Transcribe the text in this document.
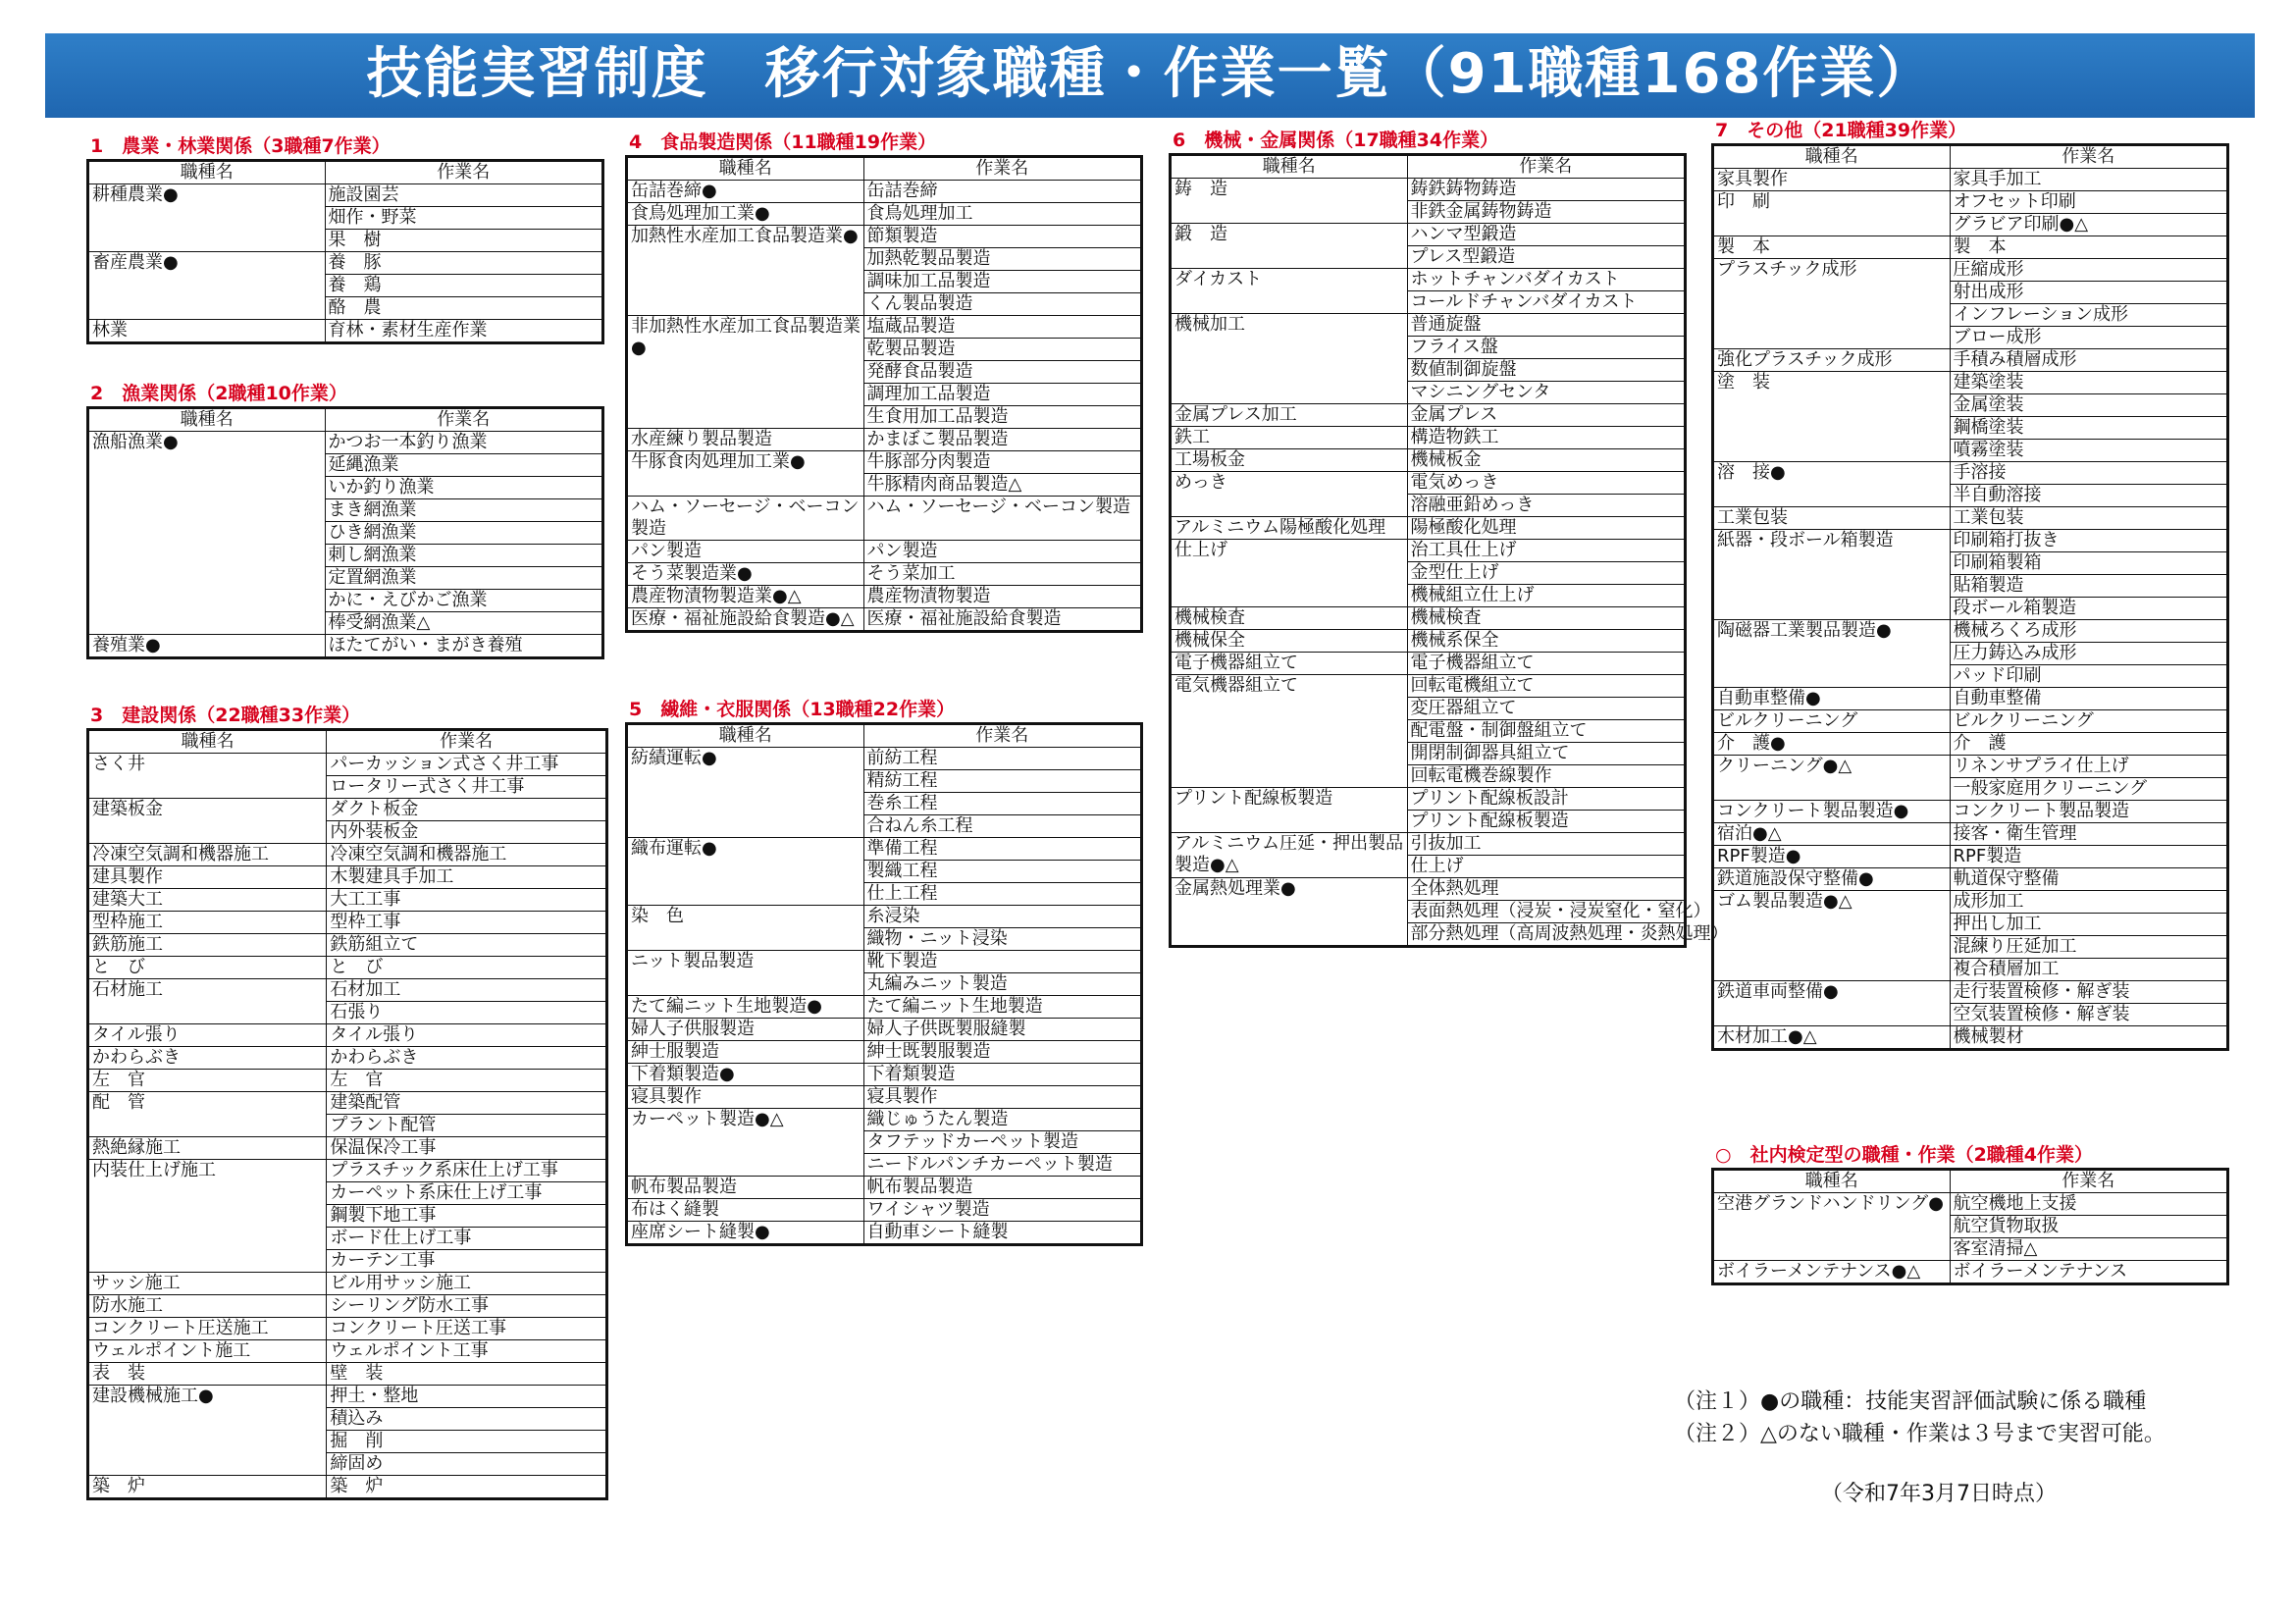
技能実習制度　移行対象職種・作業一覧（91職種168作業）
1　農業・林業関係（3職種7作業）
職種名	作業名
耕種農業●	施設園芸
	畑作・野菜
	果　樹
畜産農業●	養　豚
	養　鶏
	酪　農
林業	育林・素材生産作業
2　漁業関係（2職種10作業）
職種名	作業名
漁船漁業●	かつお一本釣り漁業
	延縄漁業
	いか釣り漁業
	まき網漁業
	ひき網漁業
	刺し網漁業
	定置網漁業
	かに・えびかご漁業
	棒受網漁業△
養殖業●	ほたてがい・まがき養殖
3　建設関係（22職種33作業）
職種名	作業名
さく井	パーカッション式さく井工事
	ロータリー式さく井工事
建築板金	ダクト板金
	内外装板金
冷凍空気調和機器施工	冷凍空気調和機器施工
建具製作	木製建具手加工
建築大工	大工工事
型枠施工	型枠工事
鉄筋施工	鉄筋組立て
と　び	と　び
石材施工	石材加工
	石張り
タイル張り	タイル張り
かわらぶき	かわらぶき
左　官	左　官
配　管	建築配管
	プラント配管
熱絶縁施工	保温保冷工事
内装仕上げ施工	プラスチック系床仕上げ工事
	カーペット系床仕上げ工事
	鋼製下地工事
	ボード仕上げ工事
	カーテン工事
サッシ施工	ビル用サッシ施工
防水施工	シーリング防水工事
コンクリート圧送施工	コンクリート圧送工事
ウェルポイント施工	ウェルポイント工事
表　装	壁　装
建設機械施工●	押土・整地
	積込み
	掘　削
	締固め
築　炉	築　炉
4　食品製造関係（11職種19作業）
職種名	作業名
缶詰巻締●	缶詰巻締
食鳥処理加工業●	食鳥処理加工
加熱性水産加工食品製造業●	節類製造
	加熱乾製品製造
	調味加工品製造
	くん製品製造
非加熱性水産加工食品製造業●	塩蔵品製造
	乾製品製造
	発酵食品製造
	調理加工品製造
	生食用加工品製造
水産練り製品製造	かまぼこ製品製造
牛豚食肉処理加工業●	牛豚部分肉製造
	牛豚精肉商品製造△
ハム・ソーセージ・ベーコン製造	ハム・ソーセージ・ベーコン製造
パン製造	パン製造
そう菜製造業●	そう菜加工
農産物漬物製造業●△	農産物漬物製造
医療・福祉施設給食製造●△	医療・福祉施設給食製造
5　繊維・衣服関係（13職種22作業）
職種名	作業名
紡績運転●	前紡工程
	精紡工程
	巻糸工程
	合ねん糸工程
織布運転●	準備工程
	製織工程
	仕上工程
染　色	糸浸染
	織物・ニット浸染
ニット製品製造	靴下製造
	丸編みニット製造
たて編ニット生地製造●	たて編ニット生地製造
婦人子供服製造	婦人子供既製服縫製
紳士服製造	紳士既製服製造
下着類製造●	下着類製造
寝具製作	寝具製作
カーペット製造●△	織じゅうたん製造
	タフテッドカーペット製造
	ニードルパンチカーペット製造
帆布製品製造	帆布製品製造
布はく縫製	ワイシャツ製造
座席シート縫製●	自動車シート縫製
6　機械・金属関係（17職種34作業）
職種名	作業名
鋳　造	鋳鉄鋳物鋳造
	非鉄金属鋳物鋳造
鍛　造	ハンマ型鍛造
	プレス型鍛造
ダイカスト	ホットチャンバダイカスト
	コールドチャンバダイカスト
機械加工	普通旋盤
	フライス盤
	数値制御旋盤
	マシニングセンタ
金属プレス加工	金属プレス
鉄工	構造物鉄工
工場板金	機械板金
めっき	電気めっき
	溶融亜鉛めっき
アルミニウム陽極酸化処理	陽極酸化処理
仕上げ	治工具仕上げ
	金型仕上げ
	機械組立仕上げ
機械検査	機械検査
機械保全	機械系保全
電子機器組立て	電子機器組立て
電気機器組立て	回転電機組立て
	変圧器組立て
	配電盤・制御盤組立て
	開閉制御器具組立て
	回転電機巻線製作
プリント配線板製造	プリント配線板設計
	プリント配線板製造
アルミニウム圧延・押出製品製造●△	引抜加工
	仕上げ
金属熱処理業●	全体熱処理
	表面熱処理（浸炭・浸炭窒化・窒化）
	部分熱処理（高周波熱処理・炎熱処理）
7　その他（21職種39作業）
職種名	作業名
家具製作	家具手加工
印　刷	オフセット印刷
	グラビア印刷●△
製　本	製　本
プラスチック成形	圧縮成形
	射出成形
	インフレーション成形
	ブロー成形
強化プラスチック成形	手積み積層成形
塗　装	建築塗装
	金属塗装
	鋼橋塗装
	噴霧塗装
溶　接●	手溶接
	半自動溶接
工業包装	工業包装
紙器・段ボール箱製造	印刷箱打抜き
	印刷箱製箱
	貼箱製造
	段ボール箱製造
陶磁器工業製品製造●	機械ろくろ成形
	圧力鋳込み成形
	パッド印刷
自動車整備●	自動車整備
ビルクリーニング	ビルクリーニング
介　護●	介　護
クリーニング●△	リネンサプライ仕上げ
	一般家庭用クリーニング
コンクリート製品製造●	コンクリート製品製造
宿泊●△	接客・衛生管理
RPF製造●	RPF製造
鉄道施設保守整備●	軌道保守整備
ゴム製品製造●△	成形加工
	押出し加工
	混練り圧延加工
	複合積層加工
鉄道車両整備●	走行装置検修・解ぎ装
	空気装置検修・解ぎ装
木材加工●△	機械製材
○　社内検定型の職種・作業（2職種4作業）
職種名	作業名
空港グランドハンドリング●	航空機地上支援
	航空貨物取扱
	客室清掃△
ボイラーメンテナンス●△	ボイラーメンテナンス
（注１）●の職種：技能実習評価試験に係る職種
（注２）△のない職種・作業は３号まで実習可能。
（令和7年3月7日時点）
